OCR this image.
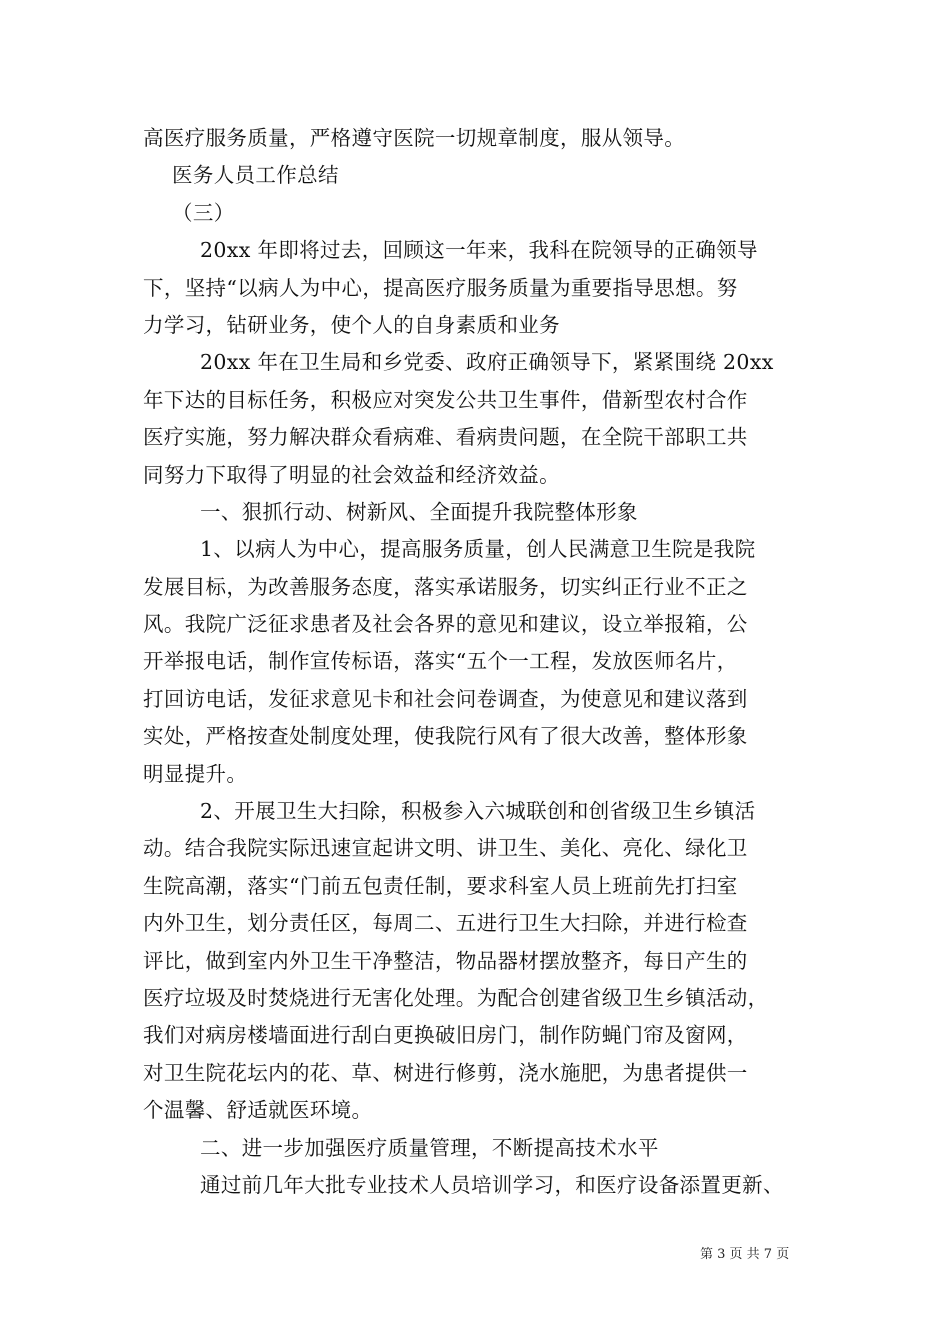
高医疗服务质量，严格遵守医院一切规章制度，服从领导。
医务人员工作总结
（三）
20xx 年即将过去，回顾这一年来，我科在院领导的正确领导
下，坚持“以病人为中心，提高医疗服务质量为重要指导思想。努
力学习，钻研业务，使个人的自身素质和业务
20xx 年在卫生局和乡党委、政府正确领导下，紧紧围绕 20xx
年下达的目标任务，积极应对突发公共卫生事件，借新型农村合作
医疗实施，努力解决群众看病难、看病贵问题，在全院干部职工共
同努力下取得了明显的社会效益和经济效益。
一、狠抓行动、树新风、全面提升我院整体形象
1、以病人为中心，提高服务质量，创人民满意卫生院是我院
发展目标，为改善服务态度，落实承诺服务，切实纠正行业不正之
风。我院广泛征求患者及社会各界的意见和建议，设立举报箱，公
开举报电话，制作宣传标语，落实“五个一工程，发放医师名片，
打回访电话，发征求意见卡和社会问卷调查，为使意见和建议落到
实处，严格按查处制度处理，使我院行风有了很大改善，整体形象
明显提升。
2、开展卫生大扫除，积极参入六城联创和创省级卫生乡镇活
动。结合我院实际迅速宣起讲文明、讲卫生、美化、亮化、绿化卫
生院高潮，落实“门前五包责任制，要求科室人员上班前先打扫室
内外卫生，划分责任区，每周二、五进行卫生大扫除，并进行检查
评比，做到室内外卫生干净整洁，物品器材摆放整齐，每日产生的
医疗垃圾及时焚烧进行无害化处理。为配合创建省级卫生乡镇活动，
我们对病房楼墙面进行刮白更换破旧房门，制作防蝇门帘及窗网，
对卫生院花坛内的花、草、树进行修剪，浇水施肥，为患者提供一
个温馨、舒适就医环境。
二、进一步加强医疗质量管理，不断提高技术水平
通过前几年大批专业技术人员培训学习，和医疗设备添置更新、
第 3 页 共 7 页
